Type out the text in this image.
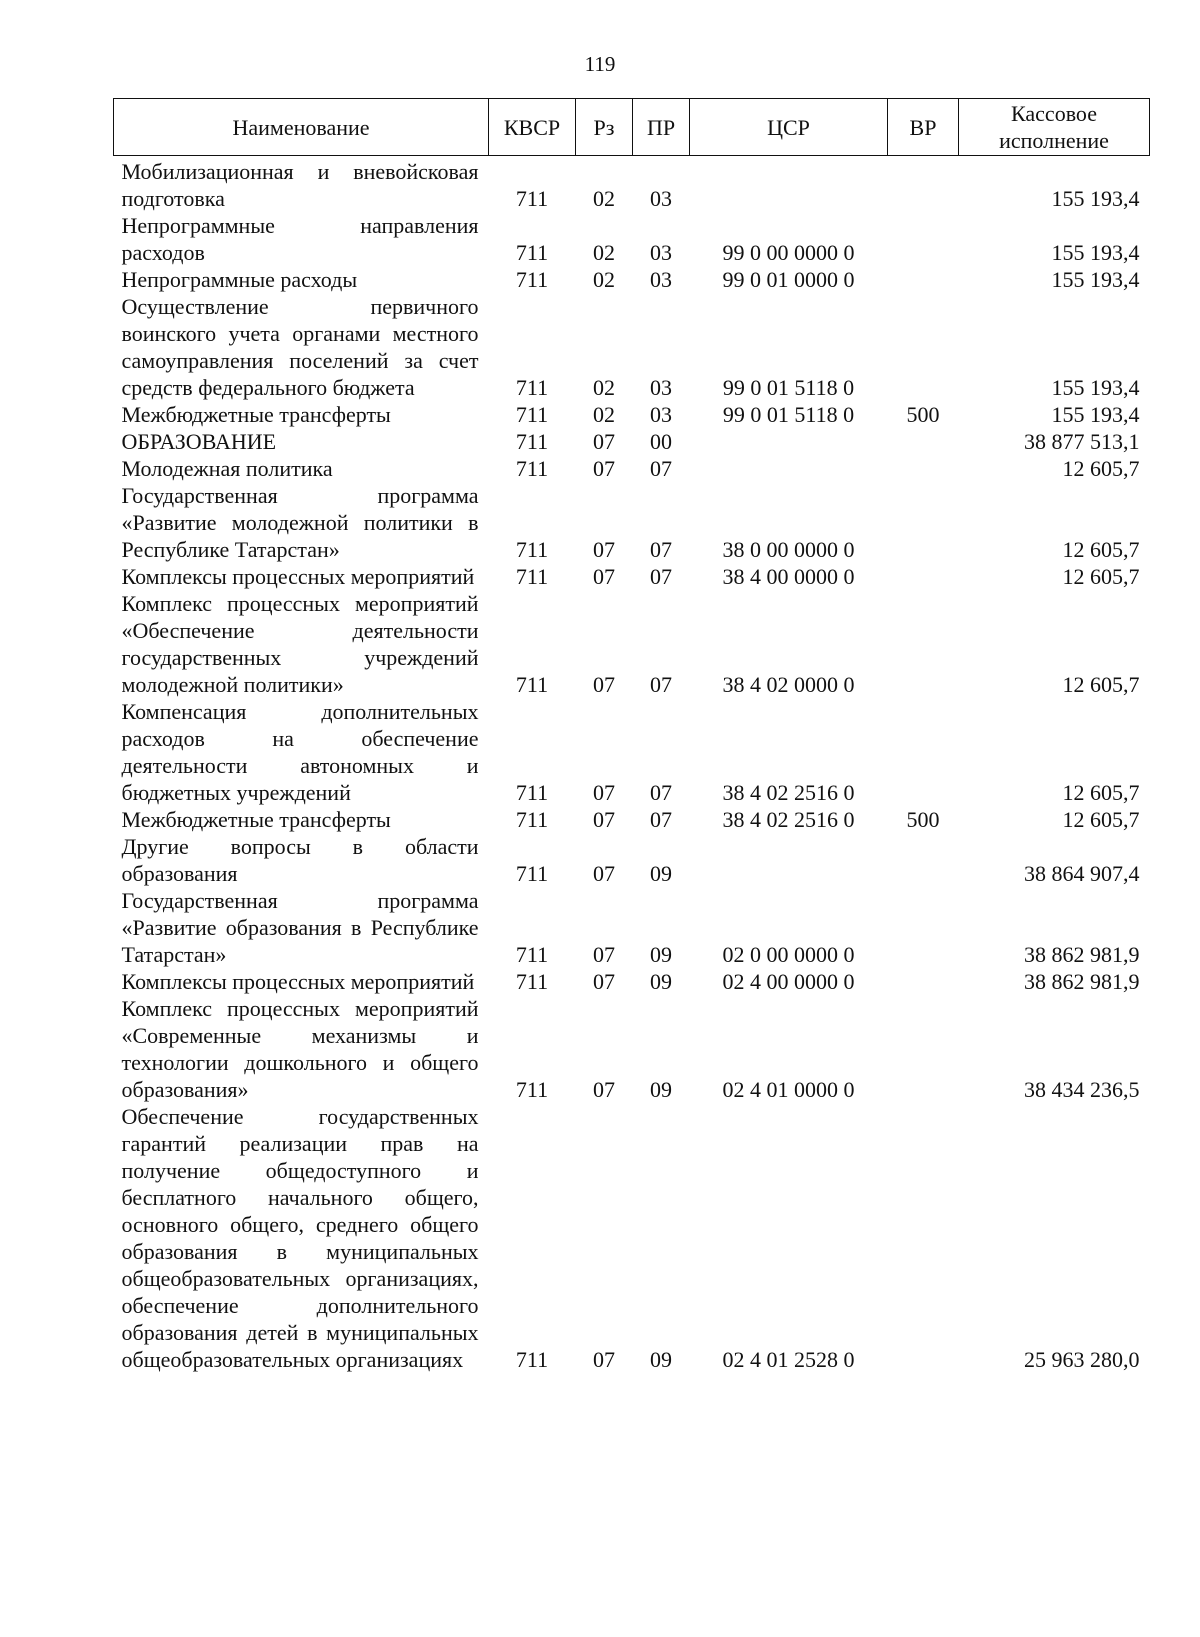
119
Наименование	КВСР	Рз	ПР	ЦСР	ВР	Кассовое исполнение
Мобилизационная и вневойсковая подготовка	711	02	03			155 193,4
Непрограммные направления расходов	711	02	03	99 0 00 0000 0		155 193,4
Непрограммные расходы	711	02	03	99 0 01 0000 0		155 193,4
Осуществление первичного воинского учета органами местного самоуправления поселений за счет средств федерального бюджета	711	02	03	99 0 01 5118 0		155 193,4
Межбюджетные трансферты	711	02	03	99 0 01 5118 0	500	155 193,4
ОБРАЗОВАНИЕ	711	07	00			38 877 513,1
Молодежная политика	711	07	07			12 605,7
Государственная программа «Развитие молодежной политики в Республике Татарстан»	711	07	07	38 0 00 0000 0		12 605,7
Комплексы процессных мероприятий	711	07	07	38 4 00 0000 0		12 605,7
Комплекс процессных мероприятий «Обеспечение деятельности государственных учреждений молодежной политики»	711	07	07	38 4 02 0000 0		12 605,7
Компенсация дополнительных расходов на обеспечение деятельности автономных и бюджетных учреждений	711	07	07	38 4 02 2516 0		12 605,7
Межбюджетные трансферты	711	07	07	38 4 02 2516 0	500	12 605,7
Другие вопросы в области образования	711	07	09			38 864 907,4
Государственная программа «Развитие образования в Республике Татарстан»	711	07	09	02 0 00 0000 0		38 862 981,9
Комплексы процессных мероприятий	711	07	09	02 4 00 0000 0		38 862 981,9
Комплекс процессных мероприятий «Современные механизмы и технологии дошкольного и общего образования»	711	07	09	02 4 01 0000 0		38 434 236,5
Обеспечение государственных гарантий реализации прав на получение общедоступного и бесплатного начального общего, основного общего, среднего общего образования в муниципальных общеобразовательных организациях, обеспечение дополнительного образования детей в муниципальных общеобразовательных организациях	711	07	09	02 4 01 2528 0		25 963 280,0
